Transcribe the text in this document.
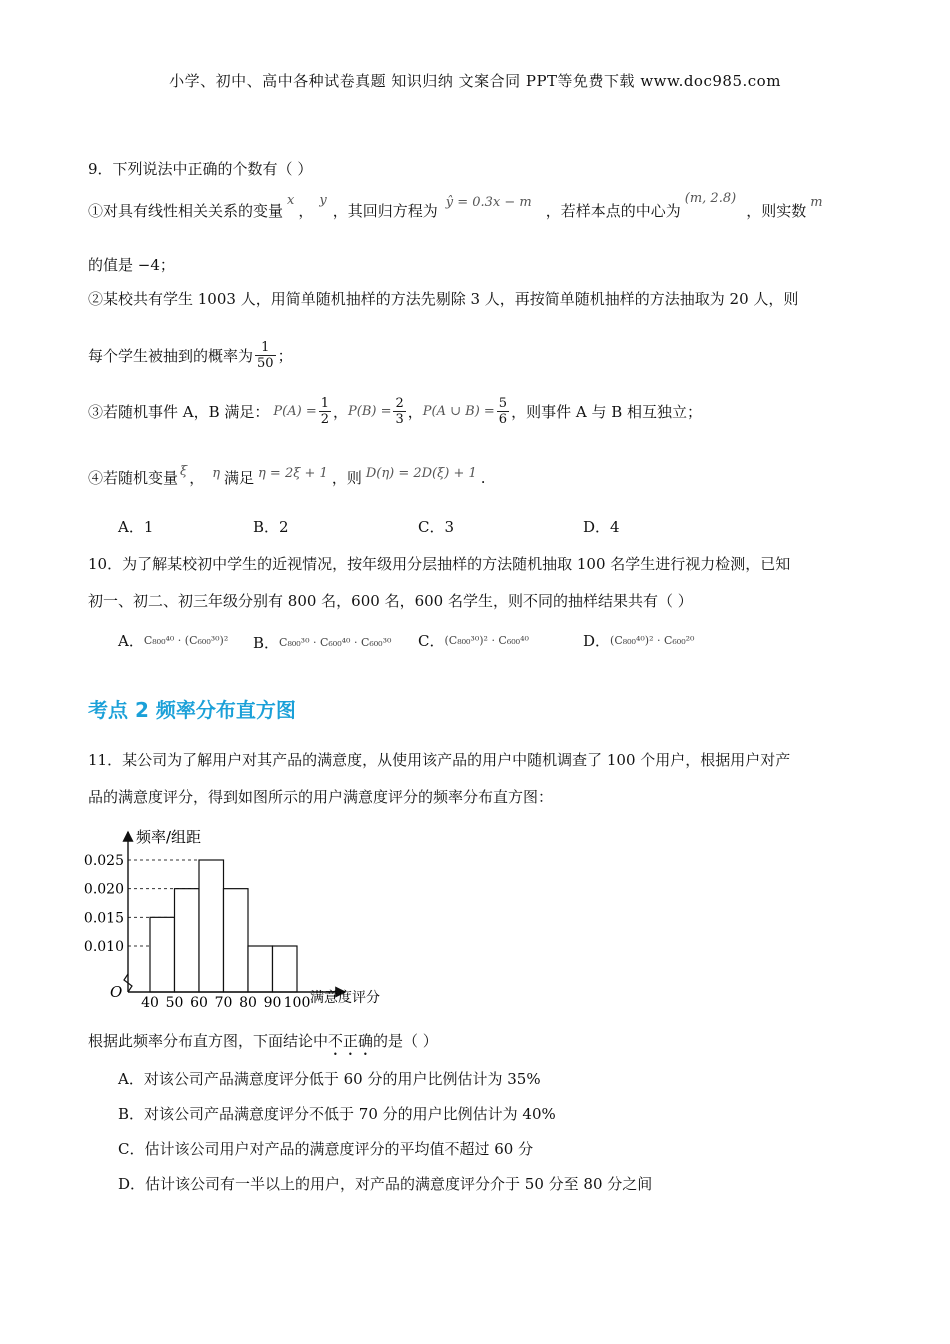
小学、初中、高中各种试卷真题 知识归纳 文案合同 PPT等免费下载 www.doc985.com
9．下列说法中正确的个数有（ ）
①对具有线性相关关系的变量x，y，其回归方程为 ŷ = 0.3x − m ，若样本点的中心为(m, 2.8)，则实数 m
的值是 −4；
②某校共有学生 1003 人，用简单随机抽样的方法先剔除 3 人，再按简单随机抽样的方法抽取为 20 人，则
每个学生被抽到的概率为 $\frac{1}{50}$ ；
③若随机事件 A，B 满足： $P(A) = \frac{1}{2}$ ，$P(B) = \frac{2}{3}$ ，P(A ∪ $B) = \frac{5}{6}$ ，则事件 A 与 B 相互独立；
④若随机变量 ξ ， η 满足 η = 2ξ + 1 ，则 D(η) = 2D(ξ) + 1 .
A．1	B．2	C．3	D．4
10．为了解某校初中学生的近视情况，按年级用分层抽样的方法随机抽取 100 名学生进行视力检测，已知
初一、初二、初三年级分别有 800 名，600 名，600 名学生，则不同的抽样结果共有（ ）
A．C₈₀₀⁴⁰ · (C₆₀₀³⁰)² B．C₈₀₀³⁰ · C₆₀₀⁴⁰ · C₆₀₀³⁰ C．(C₈₀₀³⁰)² · C₆₀₀⁴⁰	D．(C₈₀₀⁴⁰)² · C₆₀₀²⁰
考点 2 频率分布直方图
11．某公司为了解用户对其产品的满意度，从使用该产品的用户中随机调查了 100 个用户，根据用户对产
品的满意度评分，得到如图所示的用户满意度评分的频率分布直方图：
频率/组距
满意度评分
O
40 50 60 70 80 90 100
0.010
0.015
0.020
0.025
根据此频率分布直方图，下面结论中不正确的是（ ）
A．对该公司产品满意度评分低于 60 分的用户比例估计为 35%
B．对该公司产品满意度评分不低于 70 分的用户比例估计为 40%
C．估计该公司用户对产品的满意度评分的平均值不超过 60 分
D．估计该公司有一半以上的用户，对产品的满意度评分介于 50 分至 80 分之间
